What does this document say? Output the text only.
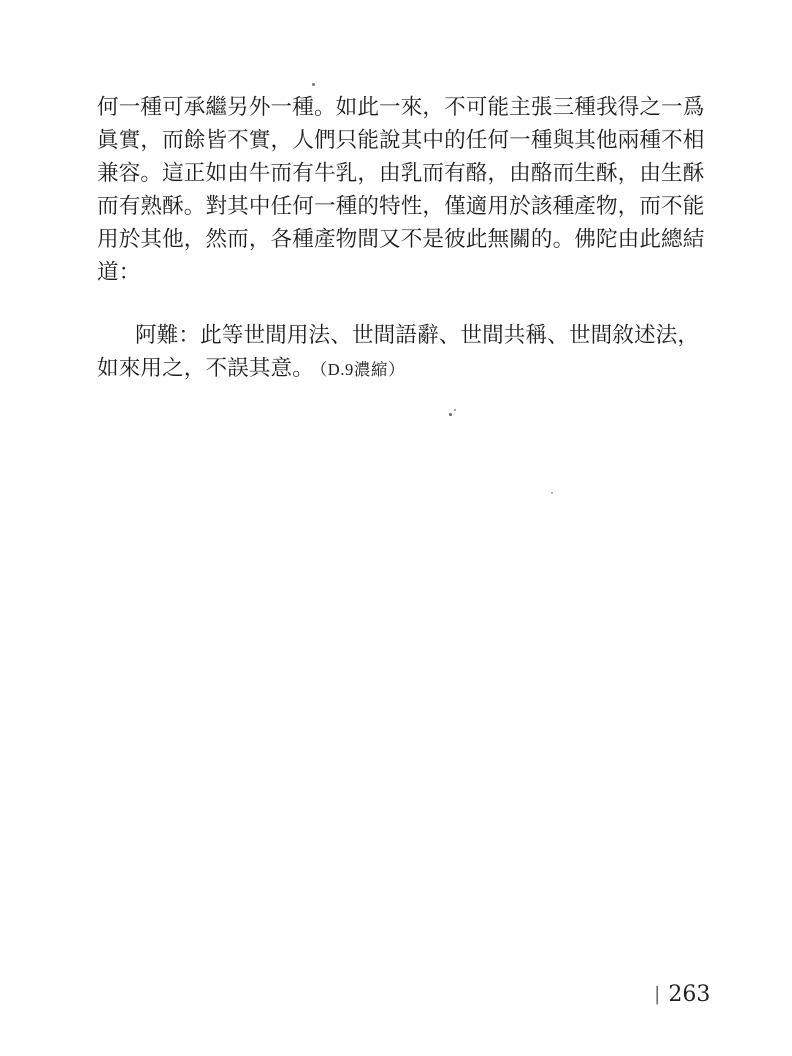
何一種可承繼另外一種。如此一來，不可能主張三種我得之一爲
眞實，而餘皆不實，人們只能說其中的任何一種與其他兩種不相
兼容。這正如由牛而有牛乳，由乳而有酪，由酪而生酥，由生酥
而有熟酥。對其中任何一種的特性，僅適用於該種產物，而不能
用於其他，然而，各種產物間又不是彼此無關的。佛陀由此總結
道：
阿難：此等世間用法、世間語辭、世間共稱、世間敘述法，
如來用之，不誤其意。 （D.9濃縮）
| 263
